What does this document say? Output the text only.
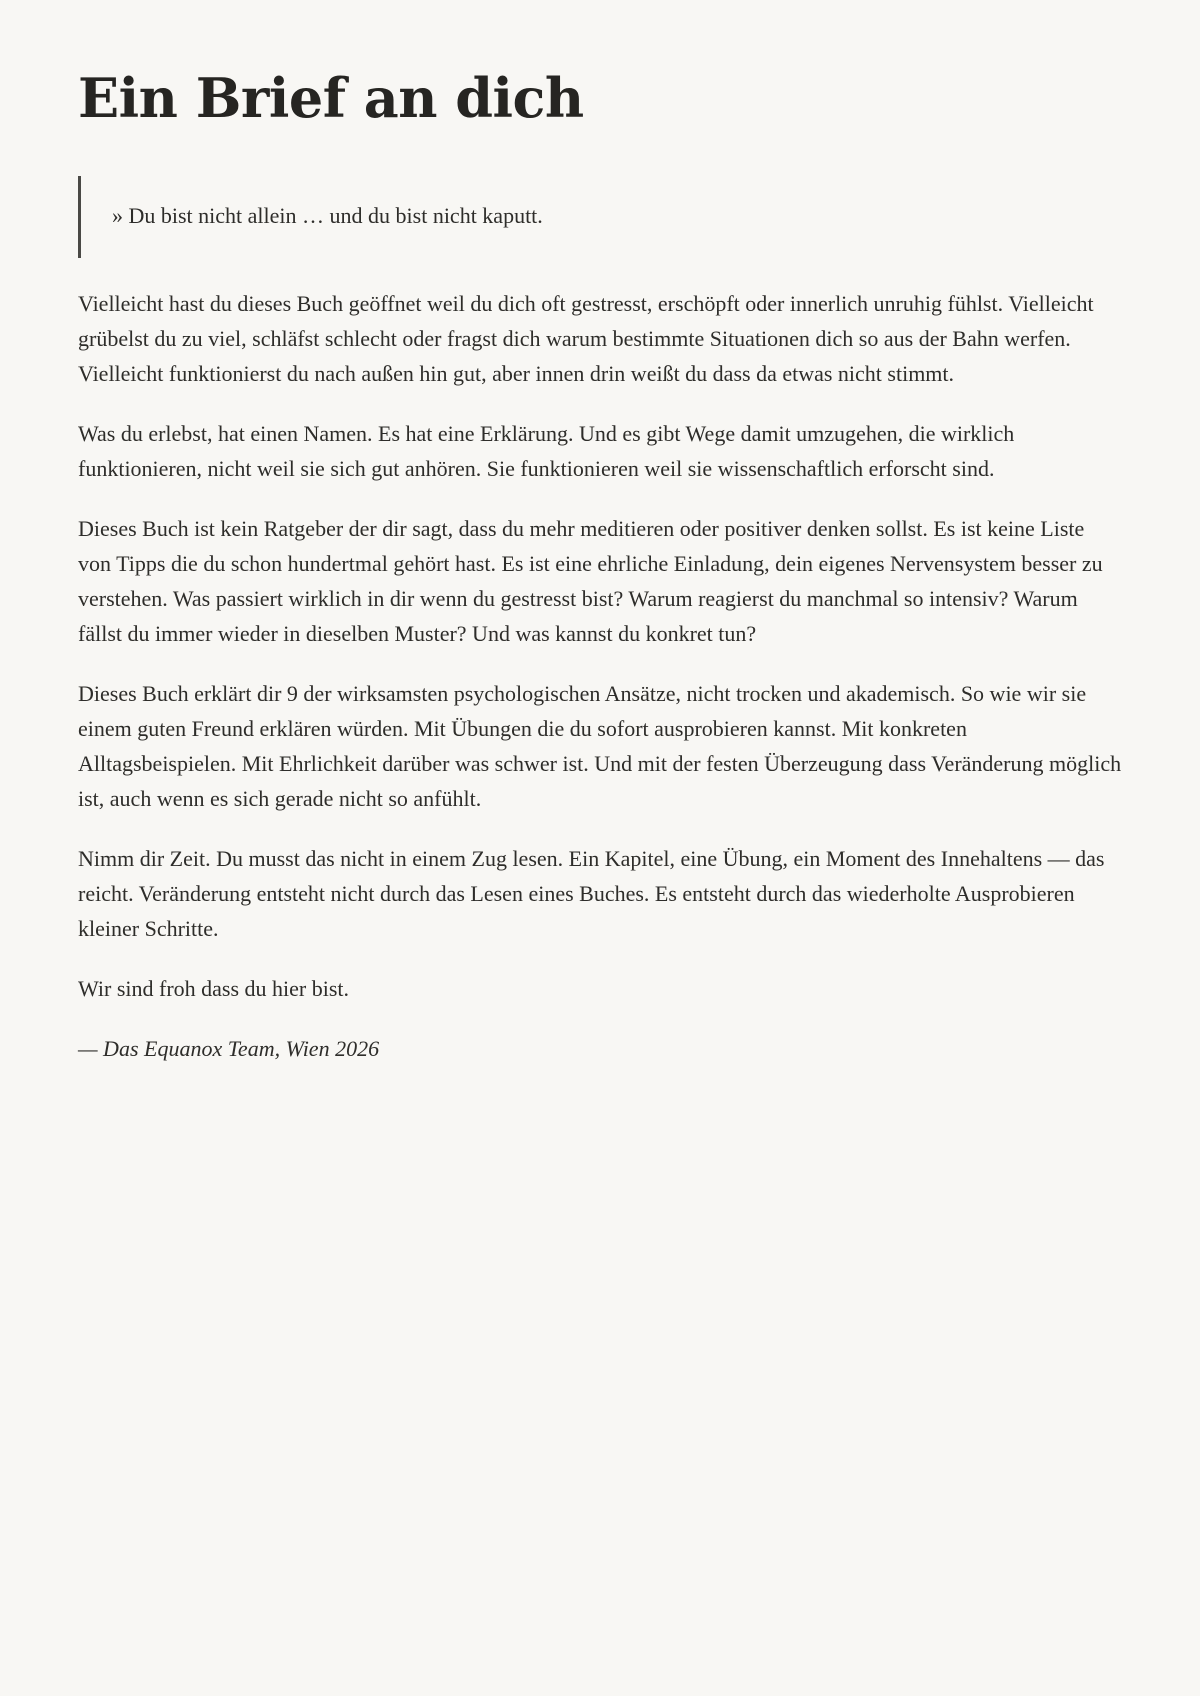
Ein Brief an dich

» Du bist nicht allein … und du bist nicht kaputt.

Vielleicht hast du dieses Buch geöffnet weil du dich oft gestresst, erschöpft oder innerlich unruhig fühlst. Vielleicht grübelst du zu viel, schläfst schlecht oder fragst dich warum bestimmte Situationen dich so aus der Bahn werfen. Vielleicht funktionierst du nach außen hin gut, aber innen drin weißt du dass da etwas nicht stimmt.

Was du erlebst, hat einen Namen. Es hat eine Erklärung. Und es gibt Wege damit umzugehen, die wirklich funktionieren, nicht weil sie sich gut anhören. Sie funktionieren weil sie wissenschaftlich erforscht sind.

Dieses Buch ist kein Ratgeber der dir sagt, dass du mehr meditieren oder positiver denken sollst. Es ist keine Liste von Tipps die du schon hundertmal gehört hast. Es ist eine ehrliche Einladung, dein eigenes Nervensystem besser zu verstehen. Was passiert wirklich in dir wenn du gestresst bist? Warum reagierst du manchmal so intensiv? Warum fällst du immer wieder in dieselben Muster? Und was kannst du konkret tun?

Dieses Buch erklärt dir 9 der wirksamsten psychologischen Ansätze, nicht trocken und akademisch. So wie wir sie einem guten Freund erklären würden. Mit Übungen die du sofort ausprobieren kannst. Mit konkreten Alltagsbeispielen. Mit Ehrlichkeit darüber was schwer ist. Und mit der festen Überzeugung dass Veränderung möglich ist, auch wenn es sich gerade nicht so anfühlt.

Nimm dir Zeit. Du musst das nicht in einem Zug lesen. Ein Kapitel, eine Übung, ein Moment des Innehaltens — das reicht. Veränderung entsteht nicht durch das Lesen eines Buches. Es entsteht durch das wiederholte Ausprobieren kleiner Schritte.

Wir sind froh dass du hier bist.

— Das Equanox Team, Wien 2026
